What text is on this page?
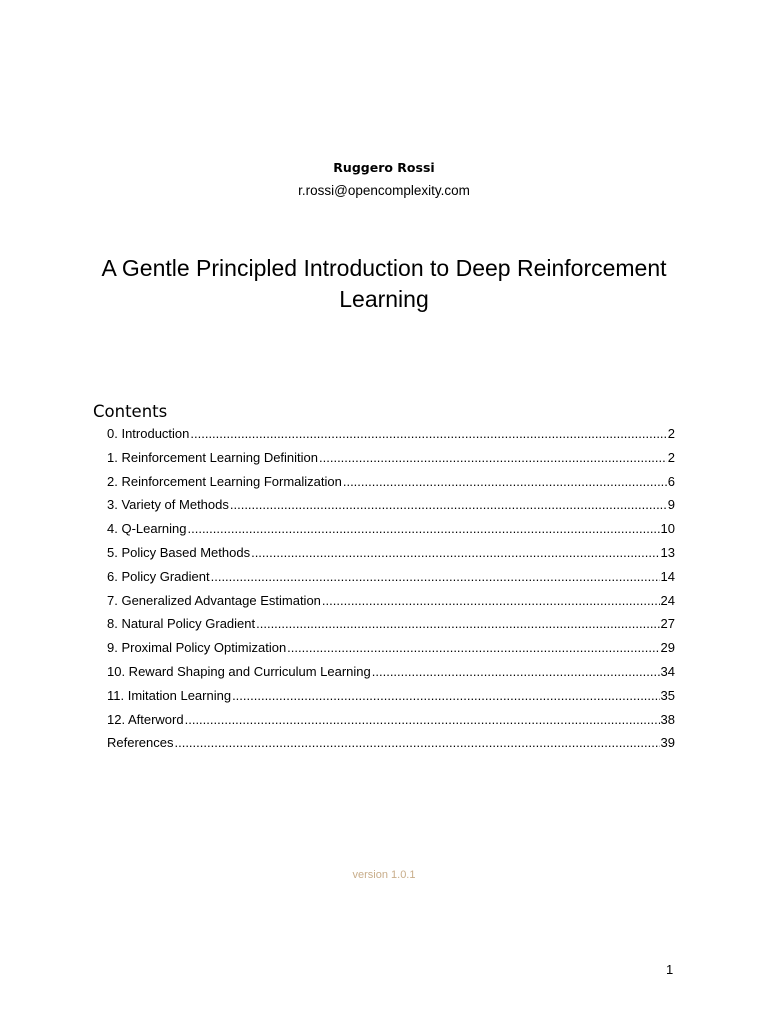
Ruggero Rossi
r.rossi@opencomplexity.com
A Gentle Principled Introduction to Deep Reinforcement Learning
Contents
0. Introduction .....	2
1. Reinforcement Learning Definition .....	2
2. Reinforcement Learning Formalization .....	6
3. Variety of Methods .....	9
4. Q-Learning .....	10
5. Policy Based Methods .....	13
6. Policy Gradient .....	14
7. Generalized Advantage Estimation .....	24
8. Natural Policy Gradient .....	27
9. Proximal Policy Optimization .....	29
10. Reward Shaping and Curriculum Learning .....	34
11. Imitation Learning .....	35
12. Afterword .....	38
References .....	39
version 1.0.1
1
